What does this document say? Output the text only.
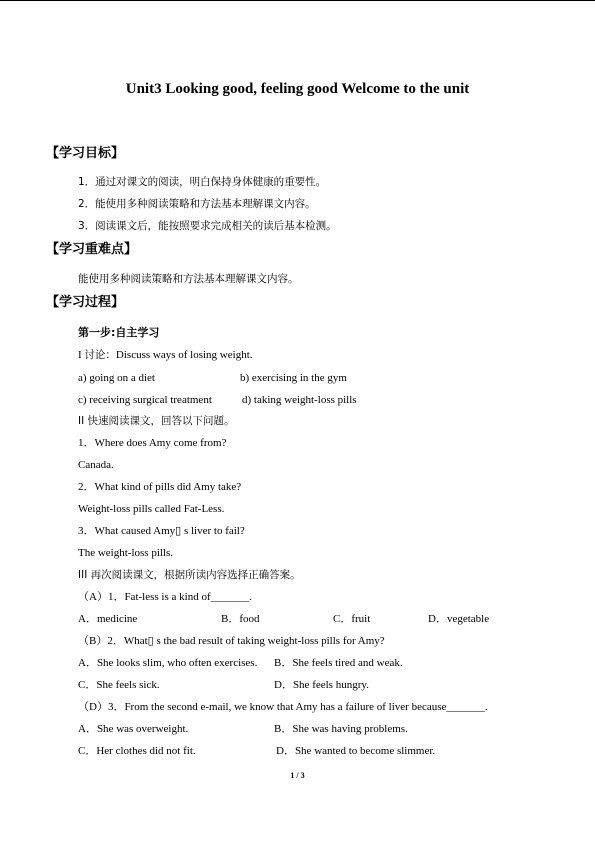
Unit3 Looking good, feeling good Welcome to the unit
【学习目标】
1．通过对课文的阅读，明白保持身体健康的重要性。
2．能使用多种阅读策略和方法基本理解课文内容。
3．阅读课文后，能按照要求完成相关的读后基本检测。
【学习重难点】
能使用多种阅读策略和方法基本理解课文内容。
【学习过程】
第一步:自主学习
I 讨论：Discuss ways of losing weight.
a) going on a diet	b) exercising in the gym
c) receiving surgical treatment	d) taking weight-loss pills
II 快速阅读课文，回答以下问题。
1．Where does Amy come from?
Canada.
2．What kind of pills did Amy take?
Weight-loss pills called Fat-Less.
3．What caused Amy▯ s liver to fail?
The weight-loss pills.
III 再次阅读课文，根据所读内容选择正确答案。
（A）1．Fat-less is a kind of_______.
A．medicine	B．food	C．fruit	D．vegetable
（B）2．What▯ s the bad result of taking weight-loss pills for Amy?
A．She looks slim, who often exercises. B．She feels tired and weak.
C．She feels sick.	D．She feels hungry.
（D）3．From the second e-mail, we know that Amy has a failure of liver because_______.
A．She was overweight.	B．She was having problems.
C．Her clothes did not fit.	D．She wanted to become slimmer.
1 / 3
